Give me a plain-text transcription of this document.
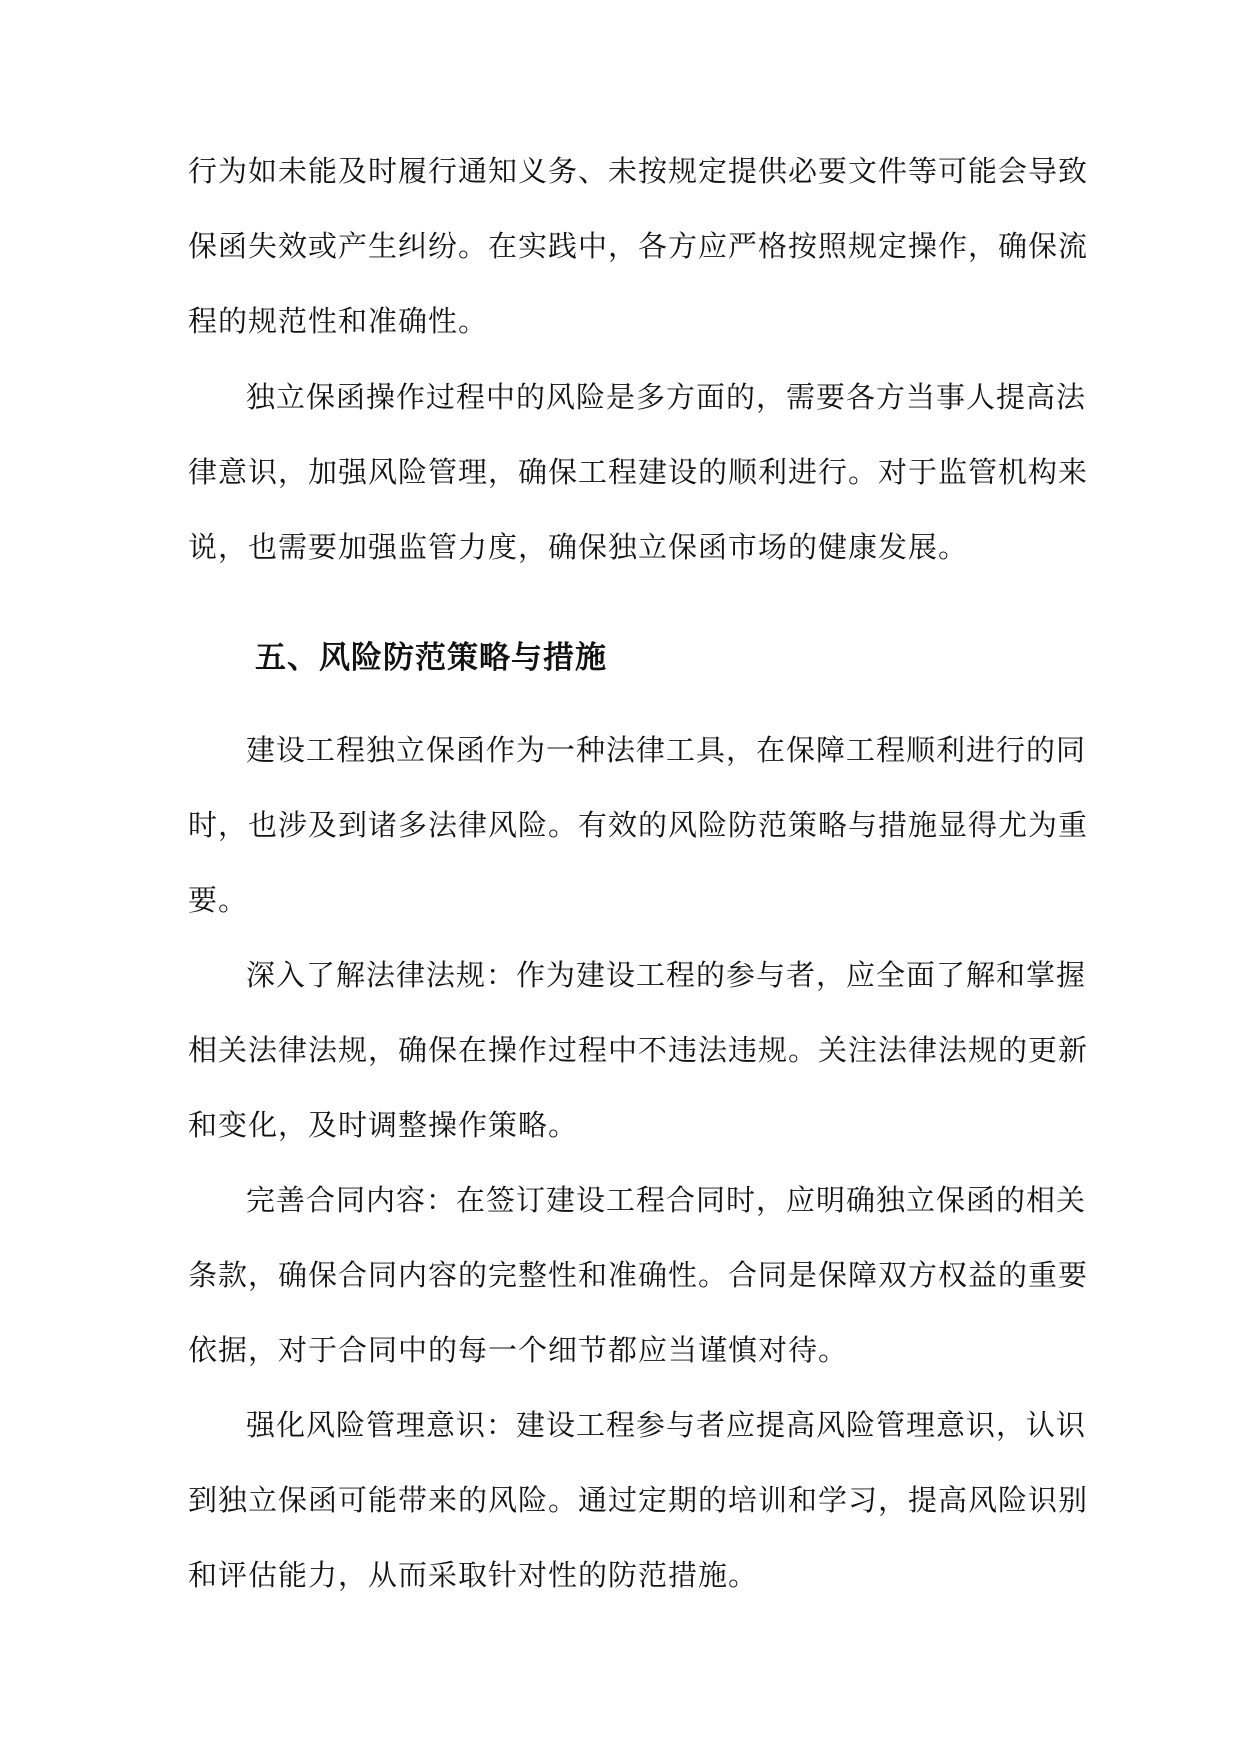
行为如未能及时履行通知义务、未按规定提供必要文件等可能会导致
保函失效或产生纠纷。在实践中，各方应严格按照规定操作，确保流
程的规范性和准确性。
独立保函操作过程中的风险是多方面的，需要各方当事人提高法
律意识，加强风险管理，确保工程建设的顺利进行。对于监管机构来
说，也需要加强监管力度，确保独立保函市场的健康发展。
五、风险防范策略与措施
建设工程独立保函作为一种法律工具，在保障工程顺利进行的同
时，也涉及到诸多法律风险。有效的风险防范策略与措施显得尤为重
要。
深入了解法律法规：作为建设工程的参与者，应全面了解和掌握
相关法律法规，确保在操作过程中不违法违规。关注法律法规的更新
和变化，及时调整操作策略。
完善合同内容：在签订建设工程合同时，应明确独立保函的相关
条款，确保合同内容的完整性和准确性。合同是保障双方权益的重要
依据，对于合同中的每一个细节都应当谨慎对待。
强化风险管理意识：建设工程参与者应提高风险管理意识，认识
到独立保函可能带来的风险。通过定期的培训和学习，提高风险识别
和评估能力，从而采取针对性的防范措施。
